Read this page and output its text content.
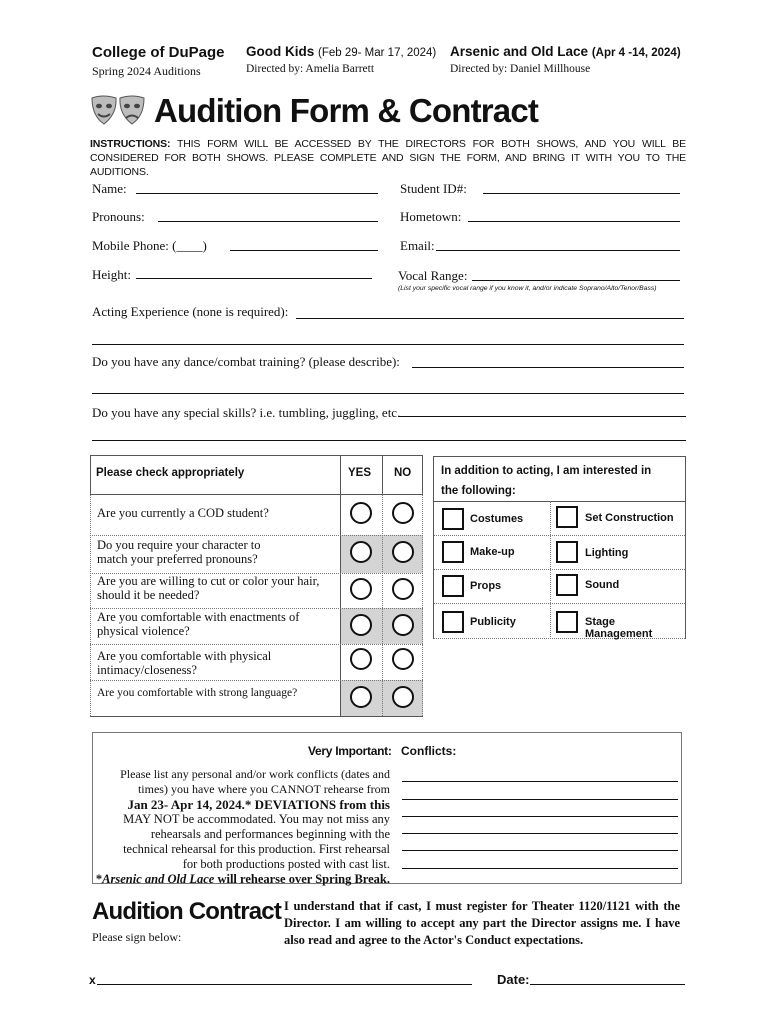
College of DuPage
Spring 2024 Auditions
Good Kids (Feb 29- Mar 17, 2024)
Directed by: Amelia Barrett
Arsenic and Old Lace (Apr 4 -14, 2024)
Directed by: Daniel Millhouse
Audition Form & Contract
INSTRUCTIONS: THIS FORM WILL BE ACCESSED BY THE DIRECTORS FOR BOTH SHOWS, AND YOU WILL BE CONSIDERED FOR BOTH SHOWS. PLEASE COMPLETE AND SIGN THE FORM, AND BRING IT WITH YOU TO THE AUDITIONS.
Name:	Student ID#:
Pronouns:	Hometown:
Mobile Phone: (____)	Email:
Height:	Vocal Range:
(List your specific vocal range if you know it, and/or indicate Soprano/Alto/Tenor/Bass)
Acting Experience (none is required):
Do you have any dance/combat training? (please describe):
Do you have any special skills? i.e. tumbling, juggling, etc.
Please check appropriately	YES NO
Are you currently a COD student?
Do you require your character to match your preferred pronouns?
Are you are willing to cut or color your hair, should it be needed?
Are you comfortable with enactments of physical violence?
Are you comfortable with physical intimacy/closeness?
Are you comfortable with strong language?
In addition to acting, I am interested in the following:
Costumes	Set Construction
Make-up	Lighting
Props	Sound
Publicity	Stage Management
Very Important: Conflicts:
Please list any personal and/or work conflicts (dates and
times) you have where you CANNOT rehearse from
Jan 23- Apr 14, 2024.* DEVIATIONS from this
MAY NOT be accommodated. You may not miss any
rehearsals and performances beginning with the
technical rehearsal for this production. First rehearsal
for both productions posted with cast list.
*Arsenic and Old Lace will rehearse over Spring Break.
Audition Contract
Please sign below:
I understand that if cast, I must register for Theater 1120/1121 with the Director. I am willing to accept any part the Director assigns me. I have also read and agree to the Actor's Conduct expectations.
x	Date:
